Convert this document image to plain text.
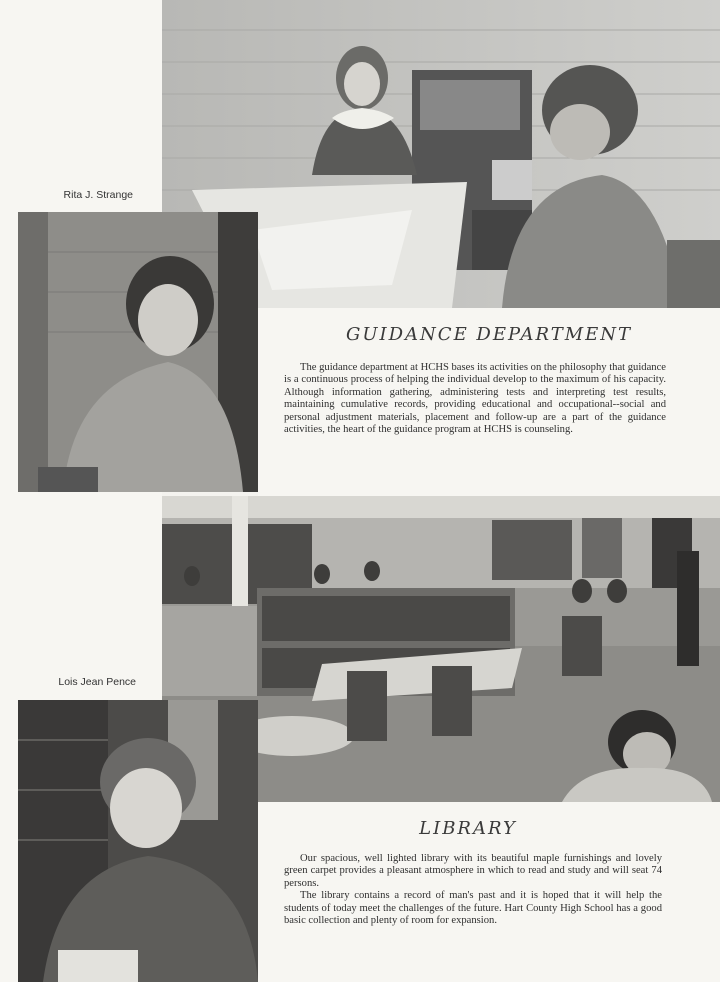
Rita J. Strange
GUIDANCE DEPARTMENT

The guidance department at HCHS bases its activities on the philosophy that guidance is a continuous process of helping the individual develop to the maximum of his capacity. Although information gathering, administering tests and interpreting test results, maintaining cumulative records, providing educational and occupational--social and personal adjustment materials, placement and follow-up are a part of the guidance activities, the heart of the guidance program at HCHS is counseling.

Lois Jean Pence
LIBRARY

Our spacious, well lighted library with its beautiful maple furnishings and lovely green carpet provides a pleasant atmosphere in which to read and study and will seat 74 persons.

The library contains a record of man's past and it is hoped that it will help the students of today meet the challenges of the future. Hart County High School has a good basic collection and plenty of room for expansion.
